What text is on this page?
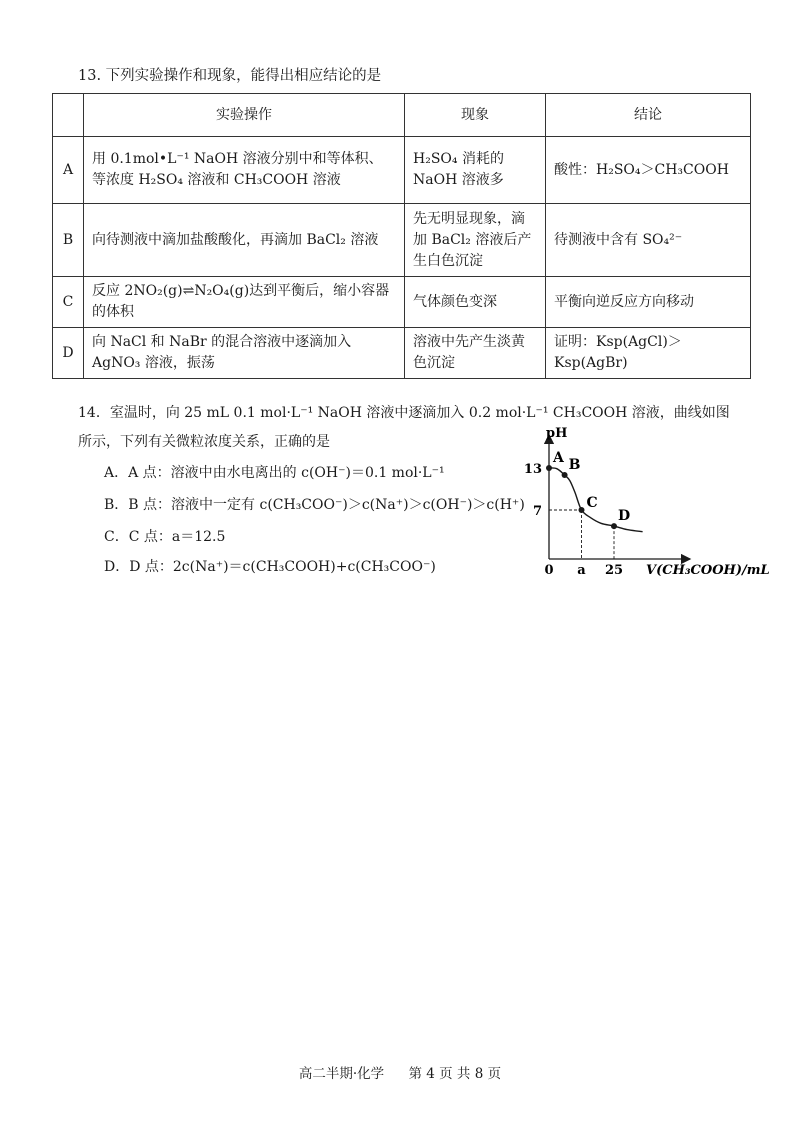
13. 下列实验操作和现象，能得出相应结论的是
	实验操作	现象	结论
A	用 0.1mol•L⁻¹ NaOH 溶液分别中和等体积、等浓度 H₂SO₄ 溶液和 CH₃COOH 溶液	H₂SO₄ 消耗的 NaOH 溶液多	酸性：H₂SO₄＞CH₃COOH
B	向待测液中滴加盐酸酸化，再滴加 BaCl₂ 溶液	先无明显现象，滴加 BaCl₂ 溶液后产生白色沉淀	待测液中含有 SO₄²⁻
C	反应 2NO₂(g)⇌N₂O₄(g)达到平衡后，缩小容器的体积	气体颜色变深	平衡向逆反应方向移动
D	向 NaCl 和 NaBr 的混合溶液中逐滴加入 AgNO₃ 溶液，振荡	溶液中先产生淡黄色沉淀	证明：Ksp(AgCl)＞Ksp(AgBr)
14．室温时，向 25 mL 0.1 mol·L⁻¹ NaOH 溶液中逐滴加入 0.2 mol·L⁻¹ CH₃COOH 溶液，曲线如图
所示，下列有关微粒浓度关系，正确的是
A．A 点：溶液中由水电离出的 c(OH⁻)＝0.1 mol·L⁻¹
B．B 点：溶液中一定有 c(CH₃COO⁻)＞c(Na⁺)＞c(OH⁻)＞c(H⁺)
C．C 点：a＝12.5
D．D 点：2c(Na⁺)＝c(CH₃COOH)+c(CH₃COO⁻)
pH
V(CH₃COOH)/mL
A B
C
D
13
7
0 a 25
高二半期·化学 第 4 页 共 8 页
